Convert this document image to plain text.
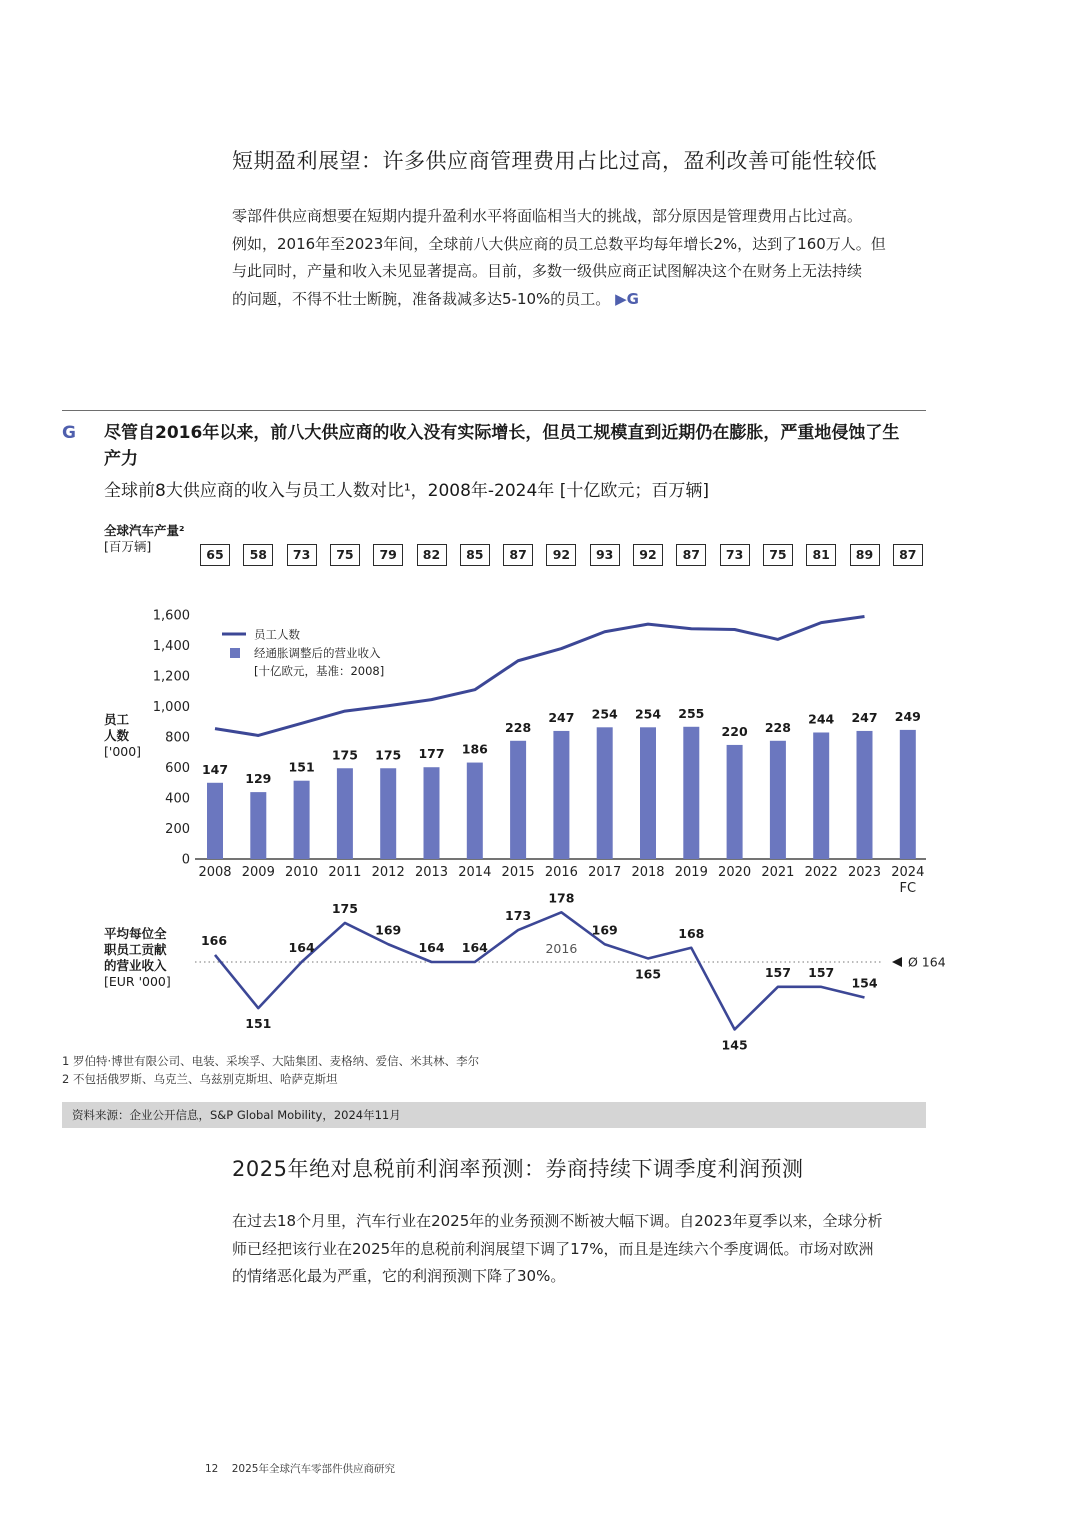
短期盈利展望：许多供应商管理费用占比过高，盈利改善可能性较低
零部件供应商想要在短期内提升盈利水平将面临相当大的挑战，部分原因是管理费用占比过高。
例如，2016年至2023年间，全球前八大供应商的员工总数平均每年增长2%，达到了160万人。但
与此同时，产量和收入未见显著提高。目前，多数一级供应商正试图解决这个在财务上无法持续
的问题，不得不壮士断腕，准备裁减多达5-10%的员工。 ▶G
G 尽管自2016年以来，前八大供应商的收入没有实际增长，但员工规模直到近期仍在膨胀，严重地侵蚀了生
产力
全球前8大供应商的收入与员工人数对比¹，2008年-2024年 [十亿欧元；百万辆]
全球汽车产量²
[百万辆]
员工
人数
['000]
平均每位全
职员工贡献
的营业收入
[EUR '000]
65	58	73	75	79	82	85	87	92	93	92	87	73	75	81	89	87
0
200
400
600
800
1,000
1,200
1,400
1,600
147
129
151
175 175 177 186
228
247 254 254 255
220 228
244 247 249
2008 2009 2010 2011 2012 2013 2014 2015 2016 2017 2018 2019 2020 2021 2022 2023 2024
FC
员工人数
经通胀调整后的营业收入
[十亿欧元，基准：2008]
Ø 164
166
151
164
175
169
164 164
173
178
169
165
168
145
157 157
154
2016
1 罗伯特·博世有限公司、电装、采埃孚、大陆集团、麦格纳、爱信、米其林、李尔
2 不包括俄罗斯、乌克兰、乌兹别克斯坦、哈萨克斯坦
资料来源：企业公开信息，S&P Global Mobility，2024年11月
2025年绝对息税前利润率预测：券商持续下调季度利润预测
在过去18个月里，汽车行业在2025年的业务预测不断被大幅下调。自2023年夏季以来，全球分析
师已经把该行业在2025年的息税前利润展望下调了17%，而且是连续六个季度调低。市场对欧洲
的情绪恶化最为严重，它的利润预测下降了30%。
12 2025年全球汽车零部件供应商研究
